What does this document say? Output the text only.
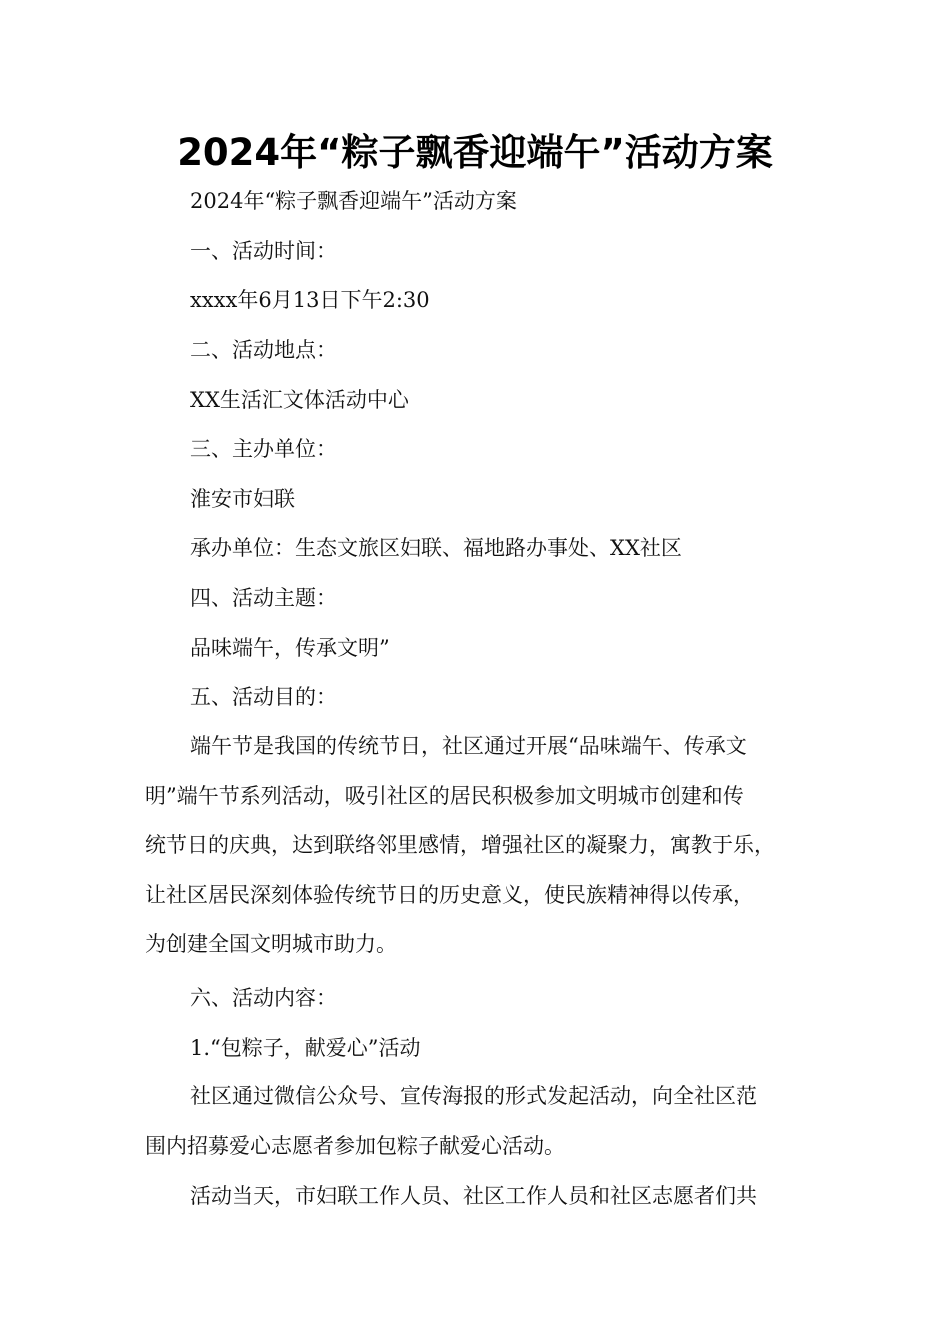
2024年“粽子飘香迎端午”活动方案
2024年“粽子飘香迎端午”活动方案
一、活动时间：
xxxx年6月13日下午2:30
二、活动地点：
XX生活汇文体活动中心
三、主办单位：
淮安市妇联
承办单位：生态文旅区妇联、福地路办事处、XX社区
四、活动主题：
品味端午，传承文明”
五、活动目的：
端午节是我国的传统节日，社区通过开展“品味端午、传承文
明”端午节系列活动，吸引社区的居民积极参加文明城市创建和传
统节日的庆典，达到联络邻里感情，增强社区的凝聚力，寓教于乐，
让社区居民深刻体验传统节日的历史意义，使民族精神得以传承，
为创建全国文明城市助力。
六、活动内容：
1.“包粽子，献爱心”活动
社区通过微信公众号、宣传海报的形式发起活动，向全社区范
围内招募爱心志愿者参加包粽子献爱心活动。
活动当天，市妇联工作人员、社区工作人员和社区志愿者们共
